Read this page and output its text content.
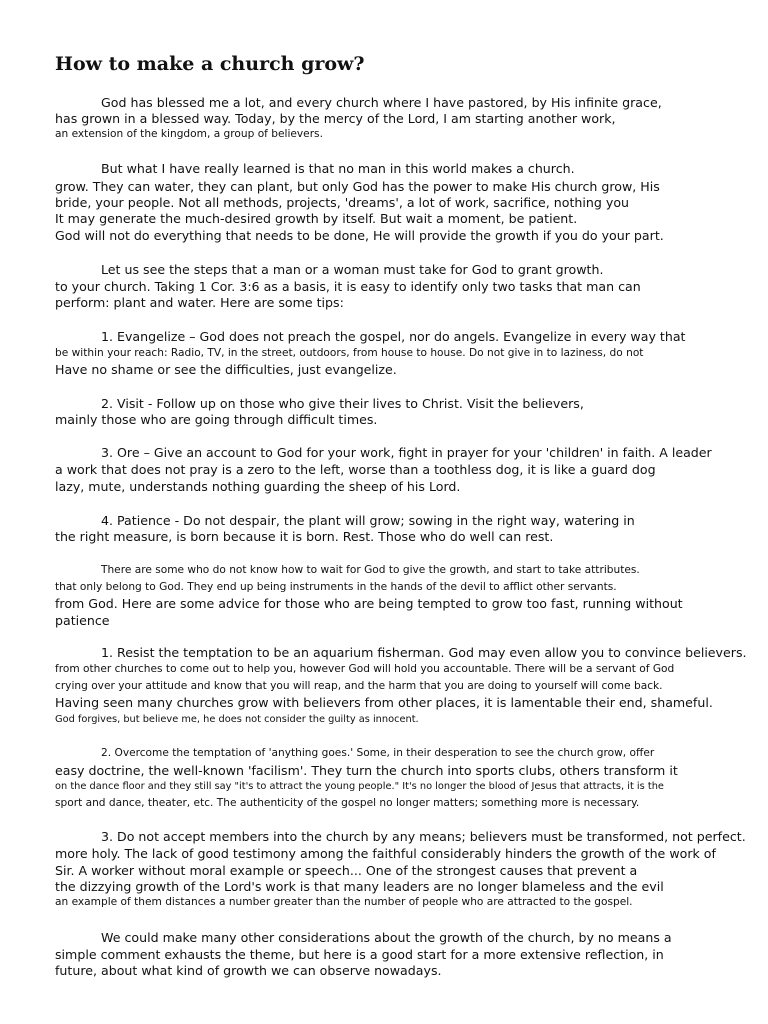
How to make a church grow?
God has blessed me a lot, and every church where I have pastored, by His infinite grace,
has grown in a blessed way. Today, by the mercy of the Lord, I am starting another work,
an extension of the kingdom, a group of believers.
But what I have really learned is that no man in this world makes a church.
grow. They can water, they can plant, but only God has the power to make His church grow, His
bride, your people. Not all methods, projects, 'dreams', a lot of work, sacrifice, nothing you
It may generate the much-desired growth by itself. But wait a moment, be patient.
God will not do everything that needs to be done, He will provide the growth if you do your part.
Let us see the steps that a man or a woman must take for God to grant growth.
to your church. Taking 1 Cor. 3:6 as a basis, it is easy to identify only two tasks that man can
perform: plant and water. Here are some tips:
1. Evangelize – God does not preach the gospel, nor do angels. Evangelize in every way that
be within your reach: Radio, TV, in the street, outdoors, from house to house. Do not give in to laziness, do not
Have no shame or see the difficulties, just evangelize.
2. Visit - Follow up on those who give their lives to Christ. Visit the believers,
mainly those who are going through difficult times.
3. Ore – Give an account to God for your work, fight in prayer for your 'children' in faith. A leader
a work that does not pray is a zero to the left, worse than a toothless dog, it is like a guard dog
lazy, mute, understands nothing guarding the sheep of his Lord.
4. Patience - Do not despair, the plant will grow; sowing in the right way, watering in
the right measure, is born because it is born. Rest. Those who do well can rest.
There are some who do not know how to wait for God to give the growth, and start to take attributes.
that only belong to God. They end up being instruments in the hands of the devil to afflict other servants.
from God. Here are some advice for those who are being tempted to grow too fast, running without
patience
1. Resist the temptation to be an aquarium fisherman. God may even allow you to convince believers.
from other churches to come out to help you, however God will hold you accountable. There will be a servant of God
crying over your attitude and know that you will reap, and the harm that you are doing to yourself will come back.
Having seen many churches grow with believers from other places, it is lamentable their end, shameful.
God forgives, but believe me, he does not consider the guilty as innocent.
2. Overcome the temptation of 'anything goes.' Some, in their desperation to see the church grow, offer
easy doctrine, the well-known 'facilism'. They turn the church into sports clubs, others transform it
on the dance floor and they still say "it's to attract the young people." It's no longer the blood of Jesus that attracts, it is the
sport and dance, theater, etc. The authenticity of the gospel no longer matters; something more is necessary.
3. Do not accept members into the church by any means; believers must be transformed, not perfect.
more holy. The lack of good testimony among the faithful considerably hinders the growth of the work of
Sir. A worker without moral example or speech... One of the strongest causes that prevent a
the dizzying growth of the Lord's work is that many leaders are no longer blameless and the evil
an example of them distances a number greater than the number of people who are attracted to the gospel.
We could make many other considerations about the growth of the church, by no means a
simple comment exhausts the theme, but here is a good start for a more extensive reflection, in
future, about what kind of growth we can observe nowadays.
